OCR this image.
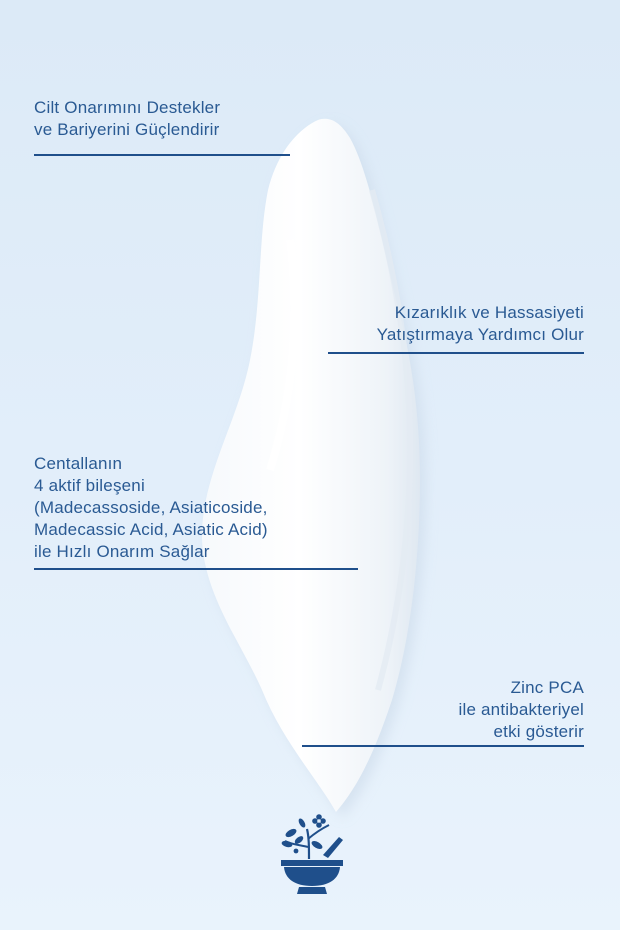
Cilt Onarımını Destekler
ve Bariyerini Güçlendirir
Kızarıklık ve Hassasiyeti
Yatıştırmaya Yardımcı Olur
Centallanın
4 aktif bileşeni
(Madecassoside, Asiaticoside,
Madecassic Acid, Asiatic Acid)
ile Hızlı Onarım Sağlar
Zinc PCA
ile antibakteriyel
etki gösterir
